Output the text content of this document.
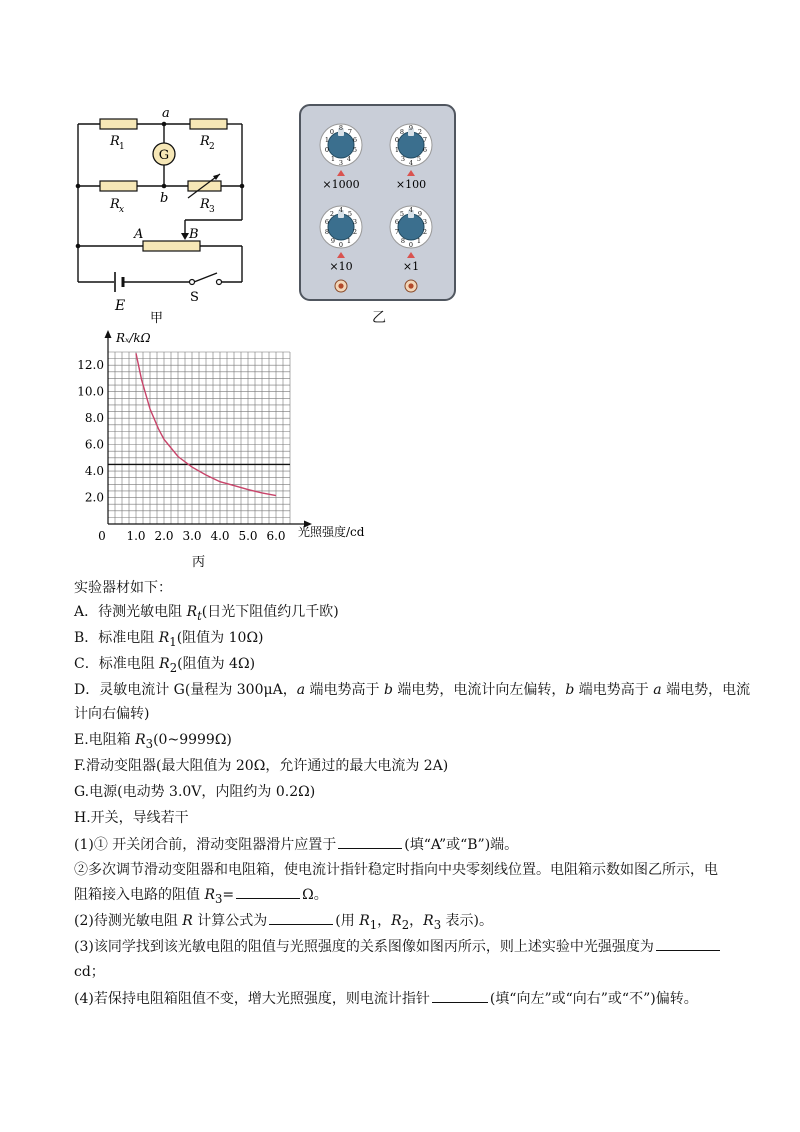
G
a
b
R 1	R 2
R x	R 3
A	B
E
S
甲
8
0
1
0
1 3 4
5
6
7	9
8
0
1
3 4 5
6
7
2
4
2
6
8
9 0 1
2
3
5	4
5
6
7
8 0 1
2
3
9
×1000	×100
×10	×1
乙
0 1.0 2.0 3.0 4.0 5.0 6.0
2.0
4.0
6.0
8.0
10.0
12.0
Rₓ/kΩ
光照强度/cd
丙
实验器材如下：
A．待测光敏电阻 $R_t$(日光下阻值约几千欧)
B．标准电阻 $R_1$(阻值为 10Ω)
C．标准电阻 $R_2$(阻值为 4Ω)
D．灵敏电流计 G(量程为 300μA，a 端电势高于 b 端电势，电流计向左偏转，b 端电势高于 a 端电势，电流
计向右偏转)
E.电阻箱 $R_3(0\sim 9999\Omega)$
F.滑动变阻器(最大阻值为 20Ω，允许通过的最大电流为 2A)
G.电源(电动势 3.0V，内阻约为 0.2Ω)
H.开关，导线若干
(1)① 开关闭合前，滑动变阻器滑片应置于	(填“A”或“B”)端。
②多次调节滑动变阻器和电阻箱，使电流计指针稳定时指向中央零刻线位置。电阻箱示数如图乙所示，电
阻箱接入电路的阻值 $R_3=$	Ω。
(2)待测光敏电阻 R 计算公式为	(用 $R_1$，$R_2$，$R_3$ 表示)。
(3)该同学找到该光敏电阻的阻值与光照强度的关系图像如图丙所示，则上述实验中光强强度为
cd；
(4)若保持电阻箱阻值不变，增大光照强度，则电流计指针	(填“向左”或“向右”或“不”)偏转。
